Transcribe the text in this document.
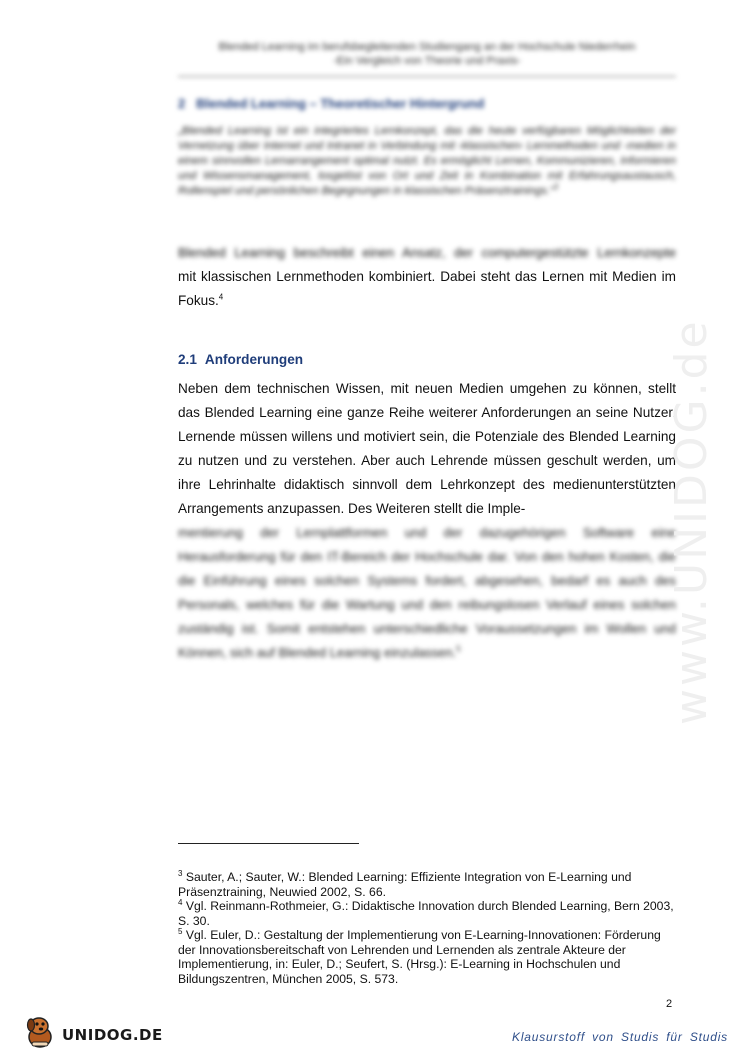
Blended Learning im berufsbegleitenden Studiengang an der Hochschule Niederrhein
-Ein Vergleich von Theorie und Praxis-
2 Blended Learning – Theoretischer Hintergrund
„Blended Learning ist ein integriertes Lernkonzept, das die heute verfügbaren Möglichkeiten der Vernetzung über Internet und Intranet in Verbindung mit ›klassischen‹ Lernmethoden und -medien in einem sinnvollen Lernarrangement optimal nutzt. Es ermöglicht Lernen, Kommunizieren, Informieren und Wissensmanagement, losgelöst von Ort und Zeit in Kombination mit Erfahrungsaustausch, Rollenspiel und persönlichen Begegnungen in klassischen Präsenztrainings.“$^3$
Blended Learning beschreibt einen Ansatz, der computergestützte Lernkonzepte
mit klassischen Lernmethoden kombiniert. Dabei steht das Lernen mit Medien im Fokus.$^4$
2.1 Anforderungen
Neben dem technischen Wissen, mit neuen Medien umgehen zu können, stellt das Blended Learning eine ganze Reihe weiterer Anforderungen an seine Nutzer. Lernende müssen willens und motiviert sein, die Potenziale des Blended Learning zu nutzen und zu verstehen. Aber auch Lehrende müssen geschult werden, um ihre Lehrinhalte didaktisch sinnvoll dem Lehrkonzept des medienunterstützten Arrangements anzupassen. Des Weiteren stellt die Imple-
mentierung der Lernplattformen und der dazugehörigen Software eine Herausforderung für den IT-Bereich der Hochschule dar. Von den hohen Kosten, die die Einführung eines solchen Systems fordert, abgesehen, bedarf es auch des Personals, welches für die Wartung und den reibungslosen Verlauf eines solchen zuständig ist. Somit entstehen unterschiedliche Voraussetzungen im Wollen und Können, sich auf Blended Learning einzulassen.$^5$	www.UNIDOG.de

$^3$ Sauter, A.; Sauter, W.: Blended Learning: Effiziente Integration von E-Learning und Präsenztraining, Neuwied 2002, S. 66.

$^4$ Vgl. Reinmann-Rothmeier, G.: Didaktische Innovation durch Blended Learning, Bern 2003, S. 30.

$^5$ Vgl. Euler, D.: Gestaltung der Implementierung von E-Learning-Innovationen: Förderung der Innovationsbereitschaft von Lehrenden und Lernenden als zentrale Akteure der Implementierung, in: Euler, D.; Seufert, S. (Hrsg.): E-Learning in Hochschulen und Bildungszentren, München 2005, S. 573.

2
UNIDOG.DE	Klausurstoff von Studis für Studis
